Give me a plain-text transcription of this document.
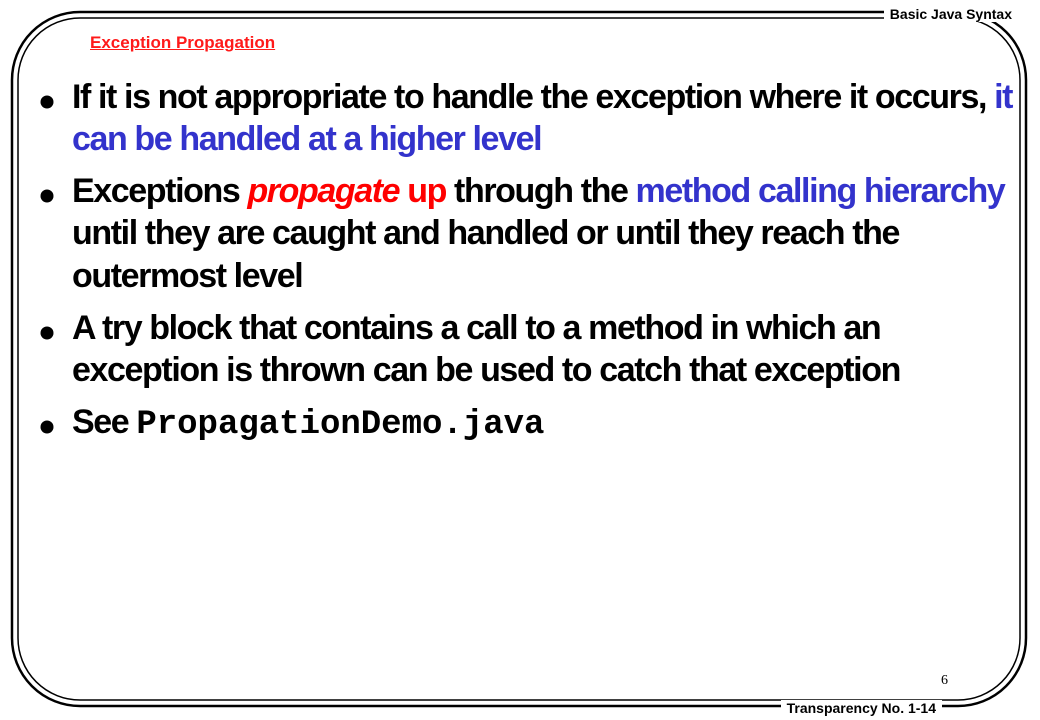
Basic Java Syntax
Exception Propagation
If it is not appropriate to handle the exception where it occurs, it can be handled at a higher level
Exceptions propagate up through the method calling hierarchy until they are caught and handled or until they reach the outermost level
A try block that contains a call to a method in which an exception is thrown can be used to catch that exception
See PropagationDemo.java
6
Transparency No. 1-14
